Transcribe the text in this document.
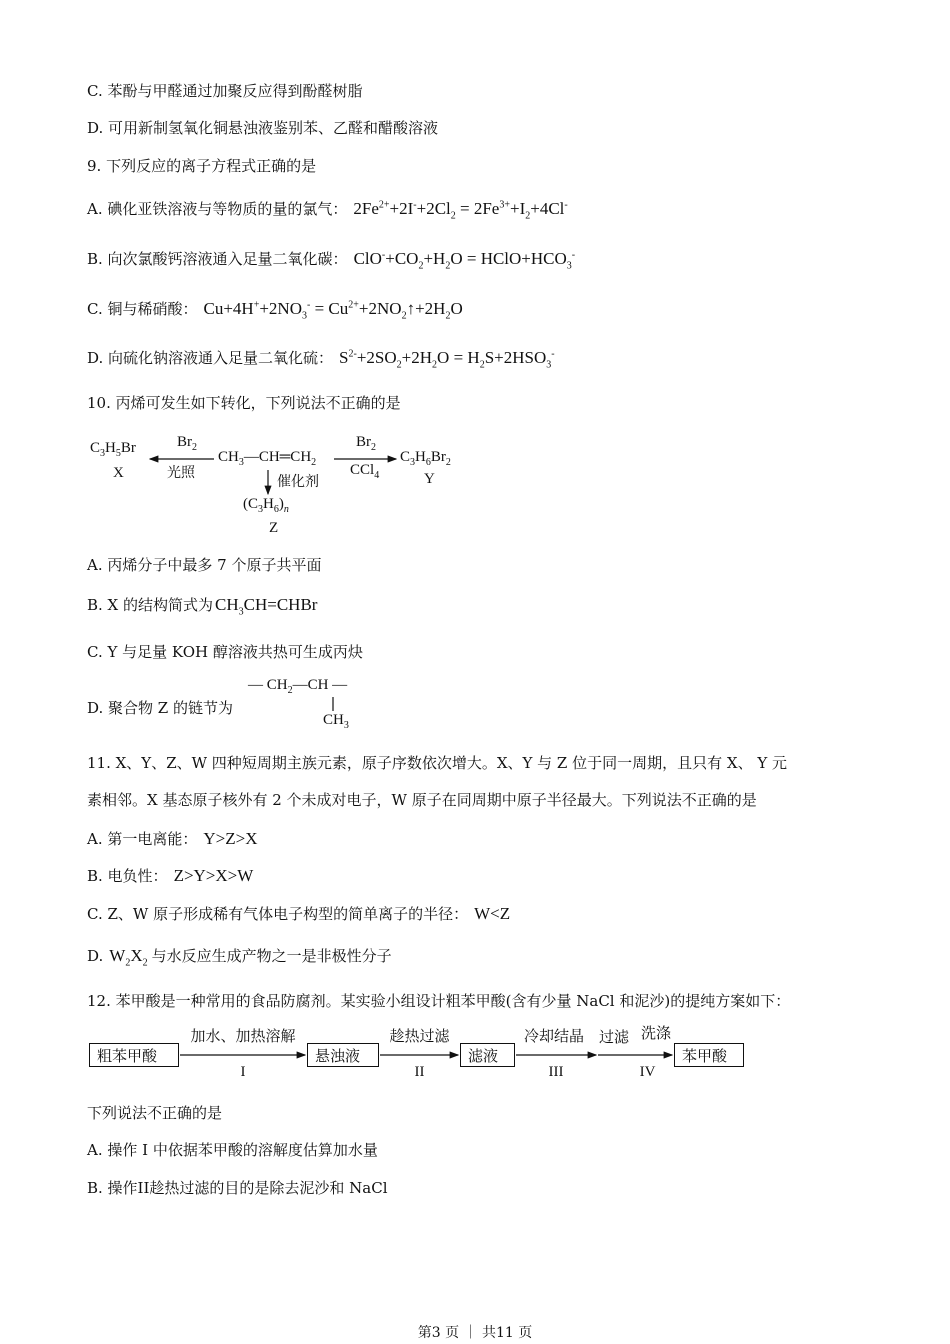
C. 苯酚与甲醛通过加聚反应得到酚醛树脂
D. 可用新制氢氧化铜悬浊液鉴别苯、乙醛和醋酸溶液
9. 下列反应的离子方程式正确的是
A. 碘化亚铁溶液与等物质的量的氯气： $2Fe^{2+}+2I^-+2Cl_2 = 2Fe^{3+}+I_2+4Cl^-$
B. 向次氯酸钙溶液通入足量二氧化碳： $ClO^-+CO_2+H_2O$ = $HClO+HCO_3^-$
C. 铜与稀硝酸： $Cu+4H^++2NO_3^-$ = $Cu^{2+}+2NO_2↑+2H_2O$
D. 向硫化钠溶液通入足量二氧化硫： $S^{2-}+2SO_2+2H_2O = H_2S+2HSO_3^-$
10. 丙烯可发生如下转化，下列说法不正确的是
$C_3H_5Br$
X
$Br_2$
光照
$CH_3—CH═CH_2$
$Br_2$
CCl$_4$
$C_3H_6Br_2$
Y
催化剂
$(C_3H_6)_n$
Z
A. 丙烯分子中最多 7 个原子共平面
B. X 的结构简式为 $CH_3CH=CHBr$
C. Y 与足量 KOH 醇溶液共热可生成丙炔
D. 聚合物 Z 的链节为
— $CH_2—CH$ —
$CH_3$
11. X、Y、Z、W 四种短周期主族元素，原子序数依次增大。X、Y 与 Z 位于同一周期，且只有 X、 Y 元
素相邻。X 基态原子核外有 2 个未成对电子，W 原子在同周期中原子半径最大。下列说法不正确的是
A. 第一电离能： Y>Z>X
B. 电负性： Z>Y>X>W
C. Z、W 原子形成稀有气体电子构型的简单离子的半径： W<Z
D. $W_2X_2$ 与水反应生成产物之一是非极性分子
12. 苯甲酸是一种常用的食品防腐剂。某实验小组设计粗苯甲酸(含有少量 NaCl 和泥沙)的提纯方案如下：
粗苯甲酸	悬浊液	滤液	苯甲酸
加水、加热溶解
I
趁热过滤
II
冷却结晶
III
过滤 洗涤
IV
下列说法不正确的是
A. 操作 I 中依据苯甲酸的溶解度估算加水量
B. 操作II趁热过滤的目的是除去泥沙和 NaCl
第3 页 ｜ 共11 页
